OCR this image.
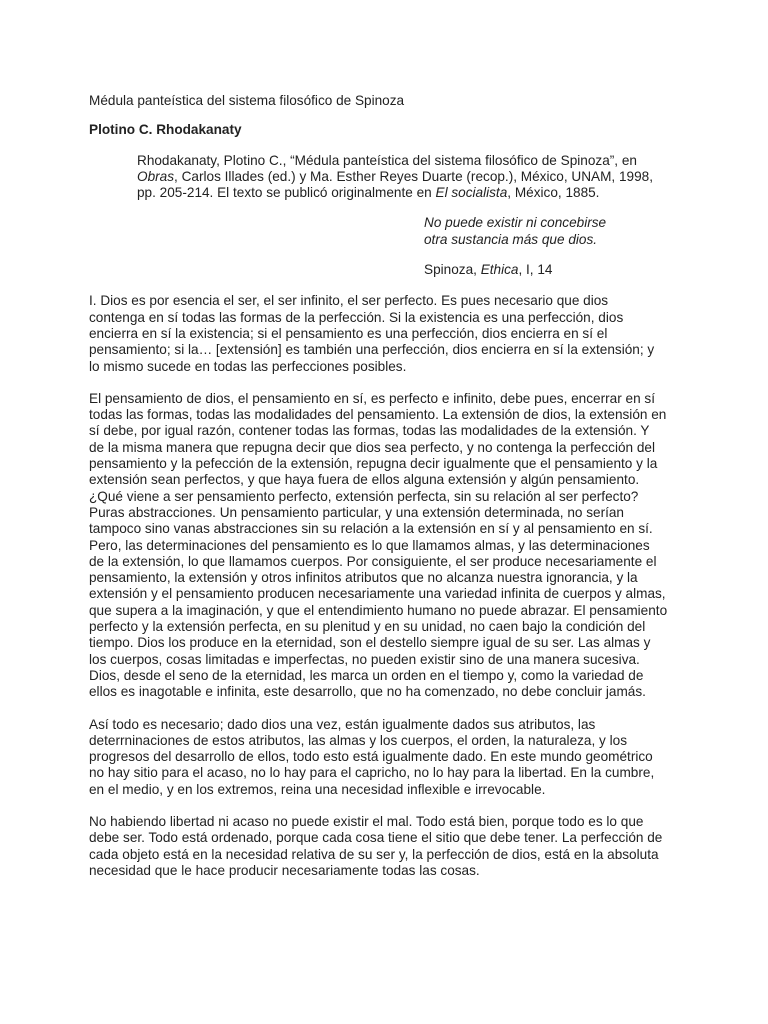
Médula panteística del sistema filosófico de Spinoza
Plotino C. Rhodakanaty
Rhodakanaty, Plotino C., “Médula panteística del sistema filosófico de Spinoza”, en
Obras, Carlos Illades (ed.) y Ma. Esther Reyes Duarte (recop.), México, UNAM, 1998,
pp. 205-214. El texto se publicó originalmente en El socialista, México, 1885.
No puede existir ni concebirse
otra sustancia más que dios.
Spinoza, Ethica, I, 14
I. Dios es por esencia el ser, el ser infinito, el ser perfecto. Es pues necesario que dios
contenga en sí todas las formas de la perfección. Si la existencia es una perfección, dios
encierra en sí la existencia; si el pensamiento es una perfección, dios encierra en sí el
pensamiento; si la… [extensión] es también una perfección, dios encierra en sí la extensión; y
lo mismo sucede en todas las perfecciones posibles.
El pensamiento de dios, el pensamiento en sí, es perfecto e infinito, debe pues, encerrar en sí
todas las formas, todas las modalidades del pensamiento. La extensión de dios, la extensión en
sí debe, por igual razón, contener todas las formas, todas las modalidades de la extensión. Y
de la misma manera que repugna decir que dios sea perfecto, y no contenga la perfección del
pensamiento y la pefección de la extensión, repugna decir igualmente que el pensamiento y la
extensión sean perfectos, y que haya fuera de ellos alguna extensión y algún pensamiento.
¿Qué viene a ser pensamiento perfecto, extensión perfecta, sin su relación al ser perfecto?
Puras abstracciones. Un pensamiento particular, y una extensión determinada, no serían
tampoco sino vanas abstracciones sin su relación a la extensión en sí y al pensamiento en sí.
Pero, las determinaciones del pensamiento es lo que llamamos almas, y las determinaciones
de la extensión, lo que llamamos cuerpos. Por consiguiente, el ser produce necesariamente el
pensamiento, la extensión y otros infinitos atributos que no alcanza nuestra ignorancia, y la
extensión y el pensamiento producen necesariamente una variedad infinita de cuerpos y almas,
que supera a la imaginación, y que el entendimiento humano no puede abrazar. El pensamiento
perfecto y la extensión perfecta, en su plenitud y en su unidad, no caen bajo la condición del
tiempo. Dios los produce en la eternidad, son el destello siempre igual de su ser. Las almas y
los cuerpos, cosas limitadas e imperfectas, no pueden existir sino de una manera sucesiva.
Dios, desde el seno de la eternidad, les marca un orden en el tiempo y, como la variedad de
ellos es inagotable e infinita, este desarrollo, que no ha comenzado, no debe concluir jamás.
Así todo es necesario; dado dios una vez, están igualmente dados sus atributos, las
deterrninaciones de estos atributos, las almas y los cuerpos, el orden, la naturaleza, y los
progresos del desarrollo de ellos, todo esto está igualmente dado. En este mundo geométrico
no hay sitio para el acaso, no lo hay para el capricho, no lo hay para la libertad. En la cumbre,
en el medio, y en los extremos, reina una necesidad inflexible e irrevocable.
No habiendo libertad ni acaso no puede existir el mal. Todo está bien, porque todo es lo que
debe ser. Todo está ordenado, porque cada cosa tiene el sitio que debe tener. La perfección de
cada objeto está en la necesidad relativa de su ser y, la perfección de dios, está en la absoluta
necesidad que le hace producir necesariamente todas las cosas.
